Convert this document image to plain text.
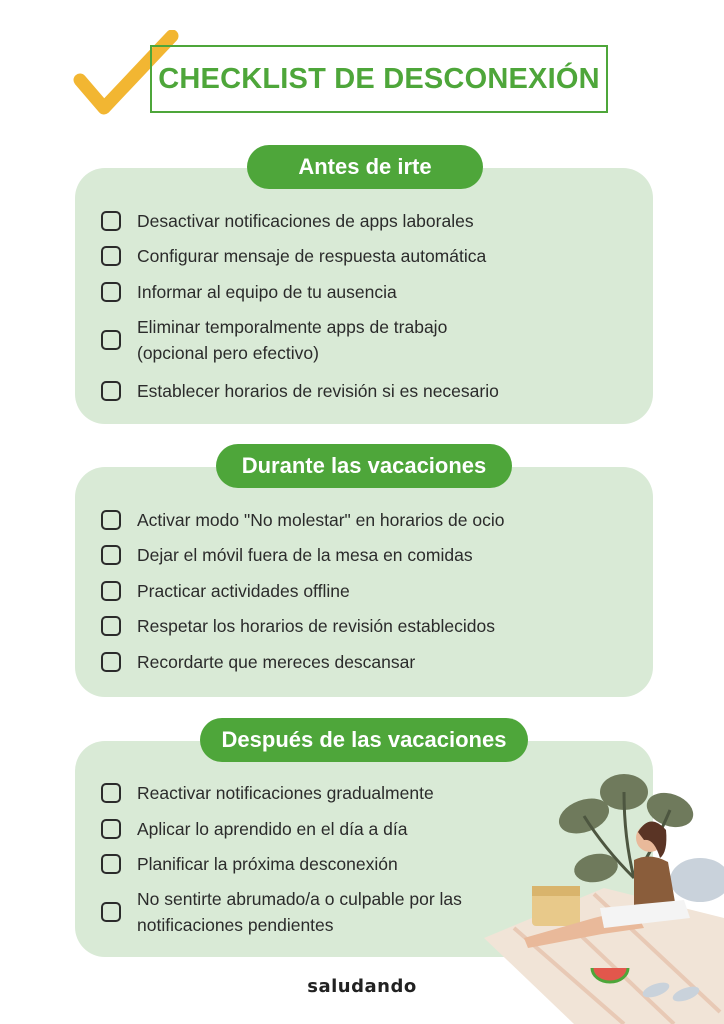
CHECKLIST DE DESCONEXIÓN
Antes de irte
Desactivar notificaciones de apps laborales
Configurar mensaje de respuesta automática
Informar al equipo de tu ausencia
Eliminar temporalmente apps de trabajo
(opcional pero efectivo)
Establecer horarios de revisión si es necesario
Durante las vacaciones
Activar modo "No molestar" en horarios de ocio
Dejar el móvil fuera de la mesa en comidas
Practicar actividades offline
Respetar los horarios de revisión establecidos
Recordarte que mereces descansar
Después de las vacaciones
Reactivar notificaciones gradualmente
Aplicar lo aprendido en el día a día
Planificar la próxima desconexión
No sentirte abrumado/a o culpable por las
notificaciones pendientes
saludando
